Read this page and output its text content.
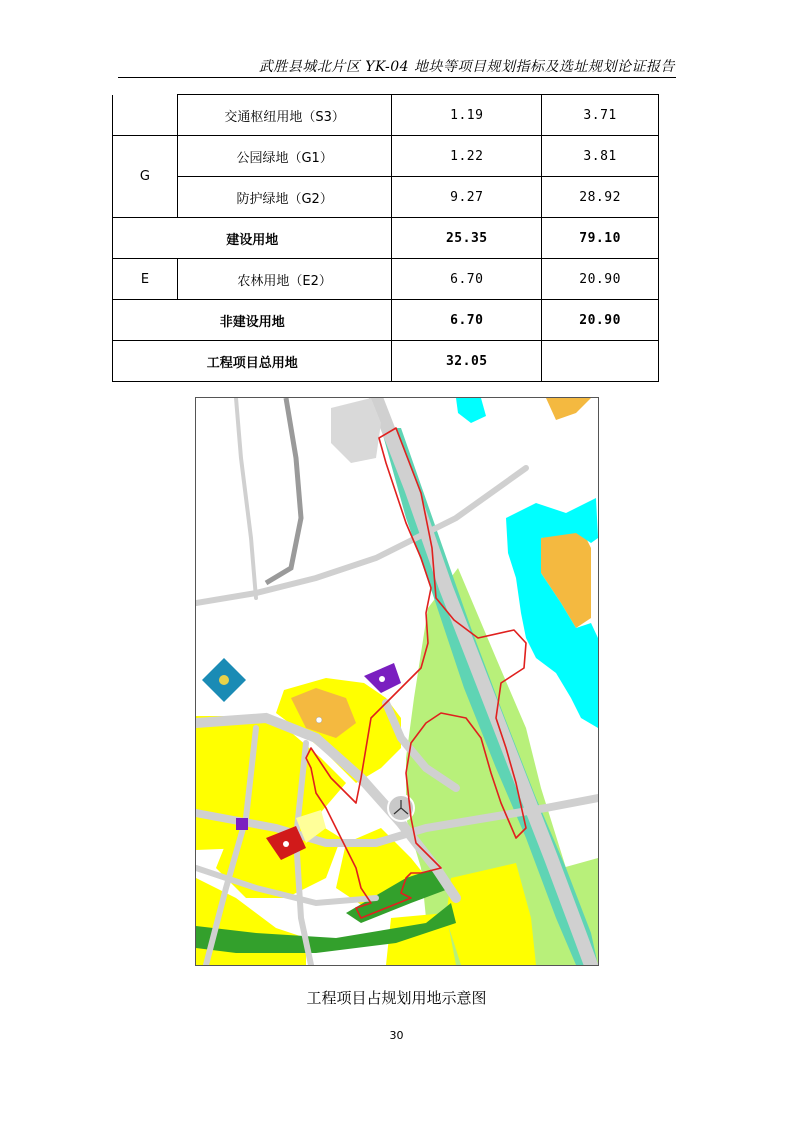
武胜县城北片区 YK-04 地块等项目规划指标及选址规划论证报告
	交通枢纽用地（S3）	1.19	3.71
G	公园绿地（G1）	1.22	3.81
	防护绿地（G2）	9.27	28.92
建设用地		25.35	79.10
E	农林用地（E2）	6.70	20.90
非建设用地		6.70	20.90
工程项目总用地		32.05	
工程项目占规划用地示意图
30
